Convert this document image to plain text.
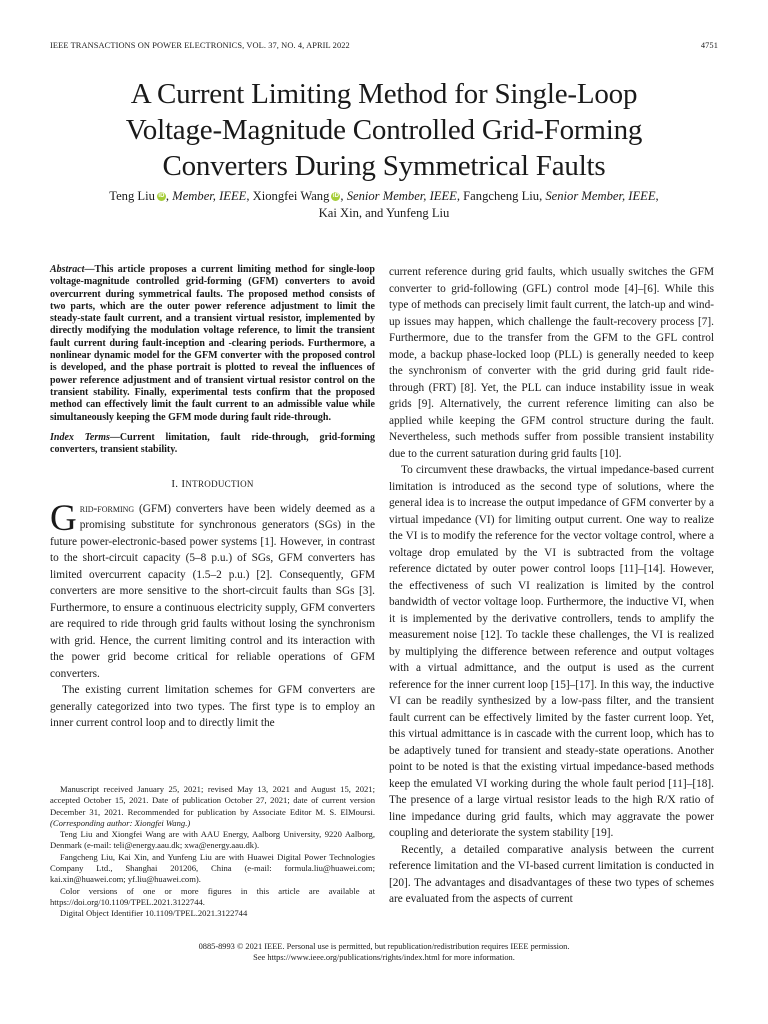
IEEE TRANSACTIONS ON POWER ELECTRONICS, VOL. 37, NO. 4, APRIL 2022	4751
A Current Limiting Method for Single-Loop
Voltage-Magnitude Controlled Grid-Forming
Converters During Symmetrical Faults
Teng Liu iD , Member, IEEE, Xiongfei Wang iD , Senior Member, IEEE, Fangcheng Liu, Senior Member, IEEE,
Kai Xin, and Yunfeng Liu

Abstract—This article proposes a current limiting method for single-loop voltage-magnitude controlled grid-forming (GFM) converters to avoid overcurrent during symmetrical faults. The proposed method consists of two parts, which are the outer power reference adjustment to limit the steady-state fault current, and a transient virtual resistor, implemented by directly modifying the modulation voltage reference, to limit the transient fault current during fault-inception and -clearing periods. Furthermore, a nonlinear dynamic model for the GFM converter with the proposed control is developed, and the phase portrait is plotted to reveal the influences of power reference adjustment and of transient virtual resistor control on the transient stability. Finally, experimental tests confirm that the proposed method can effectively limit the fault current to an admissible value while simultaneously keeping the GFM mode during fault ride-through.

Index Terms—Current limitation, fault ride-through, grid-forming converters, transient stability.

I. INTRODUCTION

Grid-forming (GFM) converters have been widely deemed as a promising substitute for synchronous generators (SGs) in the future power-electronic-based power systems [1]. However, in contrast to the short-circuit capacity (5–8 p.u.) of SGs, GFM converters has limited overcurrent capacity (1.5–2 p.u.) [2]. Consequently, GFM converters are more sensitive to the short-circuit faults than SGs [3]. Furthermore, to ensure a continuous electricity supply, GFM converters are required to ride through grid faults without losing the synchronism with grid. Hence, the current limiting control and its interaction with the power grid become critical for reliable operations of GFM converters.

The existing current limitation schemes for GFM converters are generally categorized into two types. The first type is to employ an inner current control loop and to directly limit the

Manuscript received January 25, 2021; revised May 13, 2021 and August 15, 2021; accepted October 15, 2021. Date of publication October 27, 2021; date of current version December 31, 2021. Recommended for publication by Associate Editor M. S. ElMoursi. (Corresponding author: Xiongfei Wang.)

Teng Liu and Xiongfei Wang are with AAU Energy, Aalborg University, 9220 Aalborg, Denmark (e-mail: teli@energy.aau.dk; xwa@energy.aau.dk).

Fangcheng Liu, Kai Xin, and Yunfeng Liu are with Huawei Digital Power Technologies Company Ltd., Shanghai 201206, China (e-mail: formula.liu@huawei.com; kai.xin@huawei.com; yf.liu@huawei.com).

Color versions of one or more figures in this article are available at https://doi.org/10.1109/TPEL.2021.3122744.

Digital Object Identifier 10.1109/TPEL.2021.3122744

current reference during grid faults, which usually switches the GFM converter to grid-following (GFL) control mode [4]–[6]. While this type of methods can precisely limit fault current, the latch-up and wind-up issues may happen, which challenge the fault-recovery process [7]. Furthermore, due to the transfer from the GFM to the GFL control mode, a backup phase-locked loop (PLL) is generally needed to keep the synchronism of converter with the grid during grid fault ride-through (FRT) [8]. Yet, the PLL can induce instability issue in weak grids [9]. Alternatively, the current reference limiting can also be applied while keeping the GFM control structure during the fault. Nevertheless, such methods suffer from possible transient instability due to the current saturation during grid faults [10].

To circumvent these drawbacks, the virtual impedance-based current limitation is introduced as the second type of solutions, where the general idea is to increase the output impedance of GFM converter by a virtual impedance (VI) for limiting output current. One way to realize the VI is to modify the reference for the vector voltage control, where a voltage drop emulated by the VI is subtracted from the voltage reference dictated by outer power control loops [11]–[14]. However, the effectiveness of such VI realization is limited by the control bandwidth of vector voltage loop. Furthermore, the inductive VI, when it is implemented by the derivative controllers, tends to amplify the measurement noise [12]. To tackle these challenges, the VI is realized by multiplying the difference between reference and output voltages with a virtual admittance, and the output is used as the current reference for the inner current loop [15]–[17]. In this way, the inductive VI can be readily synthesized by a low-pass filter, and the transient fault current can be effectively limited by the faster current loop. Yet, this virtual admittance is in cascade with the current loop, which has to be adaptively tuned for transient and steady-state operations. Another point to be noted is that the existing virtual impedance-based methods keep the emulated VI working during the whole fault period [11]–[18]. The presence of a large virtual resistor leads to the high R/X ratio of line impedance during grid faults, which may aggravate the power coupling and deteriorate the system stability [19].

Recently, a detailed comparative analysis between the current reference limitation and the VI-based current limitation is conducted in [20]. The advantages and disadvantages of these two types of schemes are evaluated from the aspects of current

0885-8993 © 2021 IEEE. Personal use is permitted, but republication/redistribution requires IEEE permission.
See https://www.ieee.org/publications/rights/index.html for more information.
